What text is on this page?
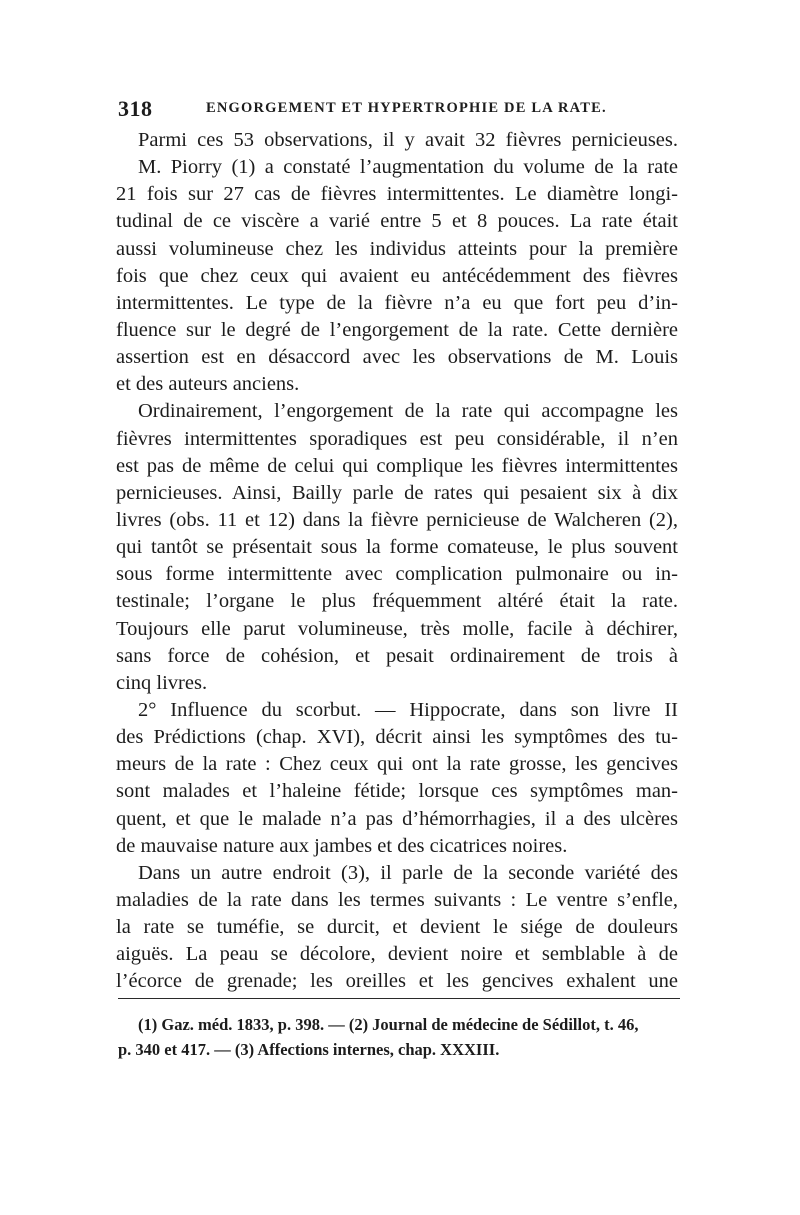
318	ENGORGEMENT ET HYPERTROPHIE DE LA RATE.
Parmi ces 53 observations, il y avait 32 fièvres pernicieuses.
M. Piorry (1) a constaté l’augmentation du volume de la rate
21 fois sur 27 cas de fièvres intermittentes. Le diamètre longi-
tudinal de ce viscère a varié entre 5 et 8 pouces. La rate était
aussi volumineuse chez les individus atteints pour la première
fois que chez ceux qui avaient eu antécédemment des fièvres
intermittentes. Le type de la fièvre n’a eu que fort peu d’in-
fluence sur le degré de l’engorgement de la rate. Cette dernière
assertion est en désaccord avec les observations de M. Louis
et des auteurs anciens.
Ordinairement, l’engorgement de la rate qui accompagne les
fièvres intermittentes sporadiques est peu considérable, il n’en
est pas de même de celui qui complique les fièvres intermittentes
pernicieuses. Ainsi, Bailly parle de rates qui pesaient six à dix
livres (obs. 11 et 12) dans la fièvre pernicieuse de Walcheren (2),
qui tantôt se présentait sous la forme comateuse, le plus souvent
sous forme intermittente avec complication pulmonaire ou in-
testinale; l’organe le plus fréquemment altéré était la rate.
Toujours elle parut volumineuse, très molle, facile à déchirer,
sans force de cohésion, et pesait ordinairement de trois à
cinq livres.
2° Influence du scorbut. — Hippocrate, dans son livre II
des Prédictions (chap. XVI), décrit ainsi les symptômes des tu-
meurs de la rate : Chez ceux qui ont la rate grosse, les gencives
sont malades et l’haleine fétide; lorsque ces symptômes man-
quent, et que le malade n’a pas d’hémorrhagies, il a des ulcères
de mauvaise nature aux jambes et des cicatrices noires.
Dans un autre endroit (3), il parle de la seconde variété des
maladies de la rate dans les termes suivants : Le ventre s’enfle,
la rate se tuméfie, se durcit, et devient le siége de douleurs
aiguës. La peau se décolore, devient noire et semblable à de
l’écorce de grenade; les oreilles et les gencives exhalent une
(1) Gaz. méd. 1833, p. 398. — (2) Journal de médecine de Sédillot, t. 46,
p. 340 et 417. — (3) Affections internes, chap. XXXIII.
